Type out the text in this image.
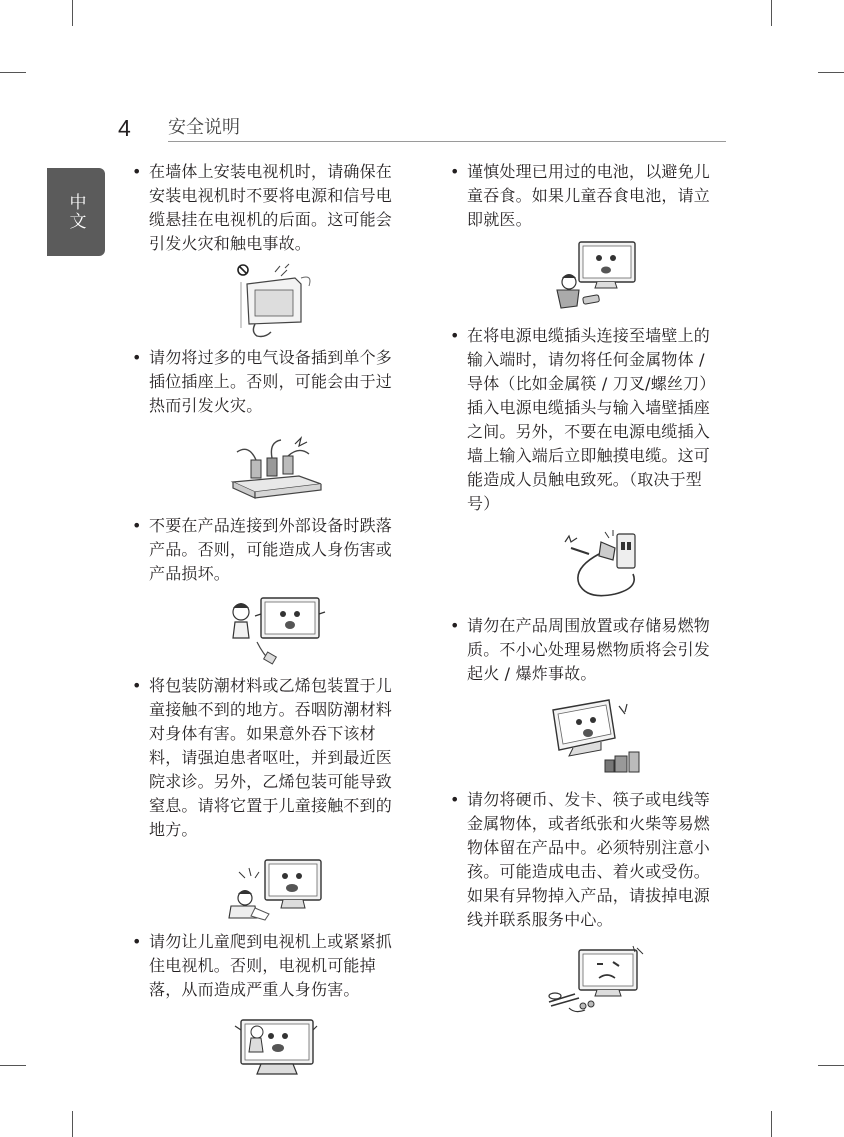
4 安全说明
中文
• 在墙体上安装电视机时，请确保在安装电视机时不要将电源和信号电缆悬挂在电视机的后面。这可能会引发火灾和触电事故。
• 请勿将过多的电气设备插到单个多插位插座上。否则，可能会由于过热而引发火灾。
• 不要在产品连接到外部设备时跌落产品。否则，可能造成人身伤害或产品损坏。
• 将包装防潮材料或乙烯包装置于儿童接触不到的地方。吞咽防潮材料对身体有害。如果意外吞下该材料，请强迫患者呕吐，并到最近医院求诊。另外，乙烯包装可能导致窒息。请将它置于儿童接触不到的地方。
• 请勿让儿童爬到电视机上或紧紧抓住电视机。否则，电视机可能掉落，从而造成严重人身伤害。
• 谨慎处理已用过的电池，以避免儿童吞食。如果儿童吞食电池，请立即就医。
• 在将电源电缆插头连接至墙壁上的输入端时，请勿将任何金属物体 / 导体（比如金属筷 / 刀叉/螺丝刀）插入电源电缆插头与输入墙壁插座之间。另外，不要在电源电缆插入墙上输入端后立即触摸电缆。这可能造成人员触电致死。（取决于型号）
• 请勿在产品周围放置或存储易燃物质。不小心处理易燃物质将会引发起火 / 爆炸事故。
• 请勿将硬币、发卡、筷子或电线等金属物体，或者纸张和火柴等易燃物体留在产品中。必须特别注意小孩。可能造成电击、着火或受伤。如果有异物掉入产品，请拔掉电源线并联系服务中心。
